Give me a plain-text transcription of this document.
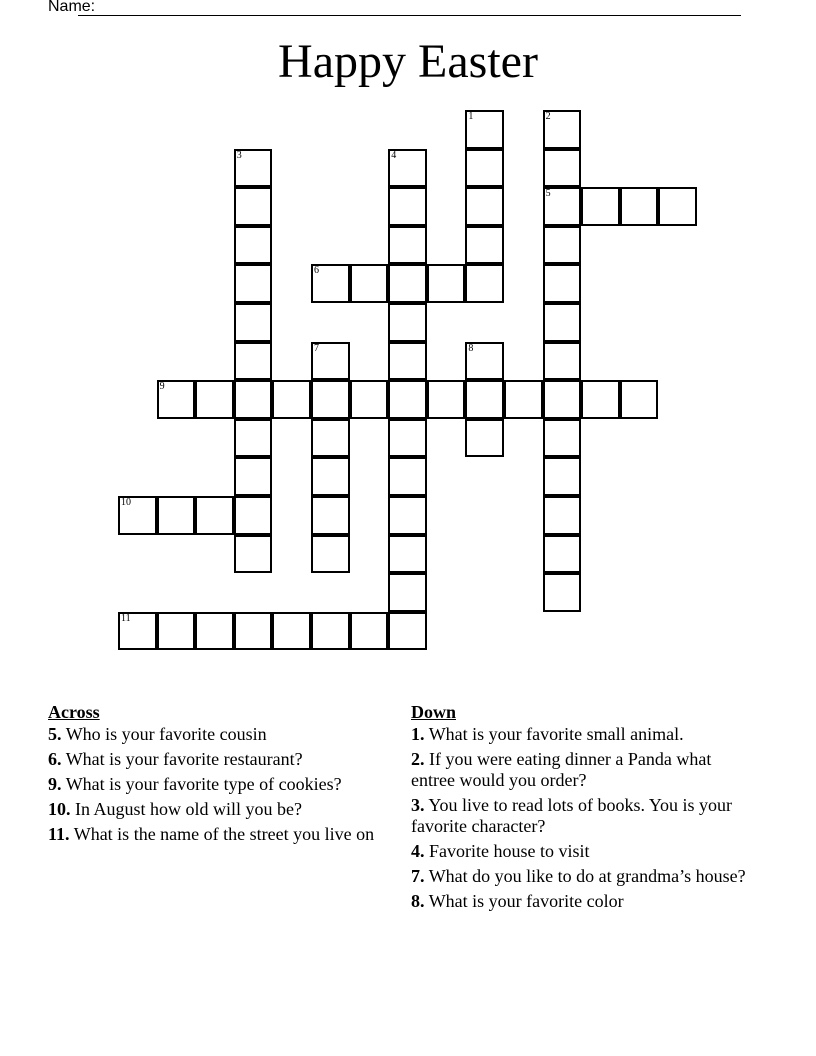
Name:
Happy Easter
1	2
5
3	4
6
7	8
9
10
11
Across
5. Who is your favorite cousin
6. What is your favorite restaurant?
9. What is your favorite type of cookies?
10. In August how old will you be?
11. What is the name of the street you live on
Down
1. What is your favorite small animal.
2. If you were eating dinner a Panda what entree would you order?
3. You live to read lots of books. You is your favorite character?
4. Favorite house to visit
7. What do you like to do at grandma’s house?
8. What is your favorite color
